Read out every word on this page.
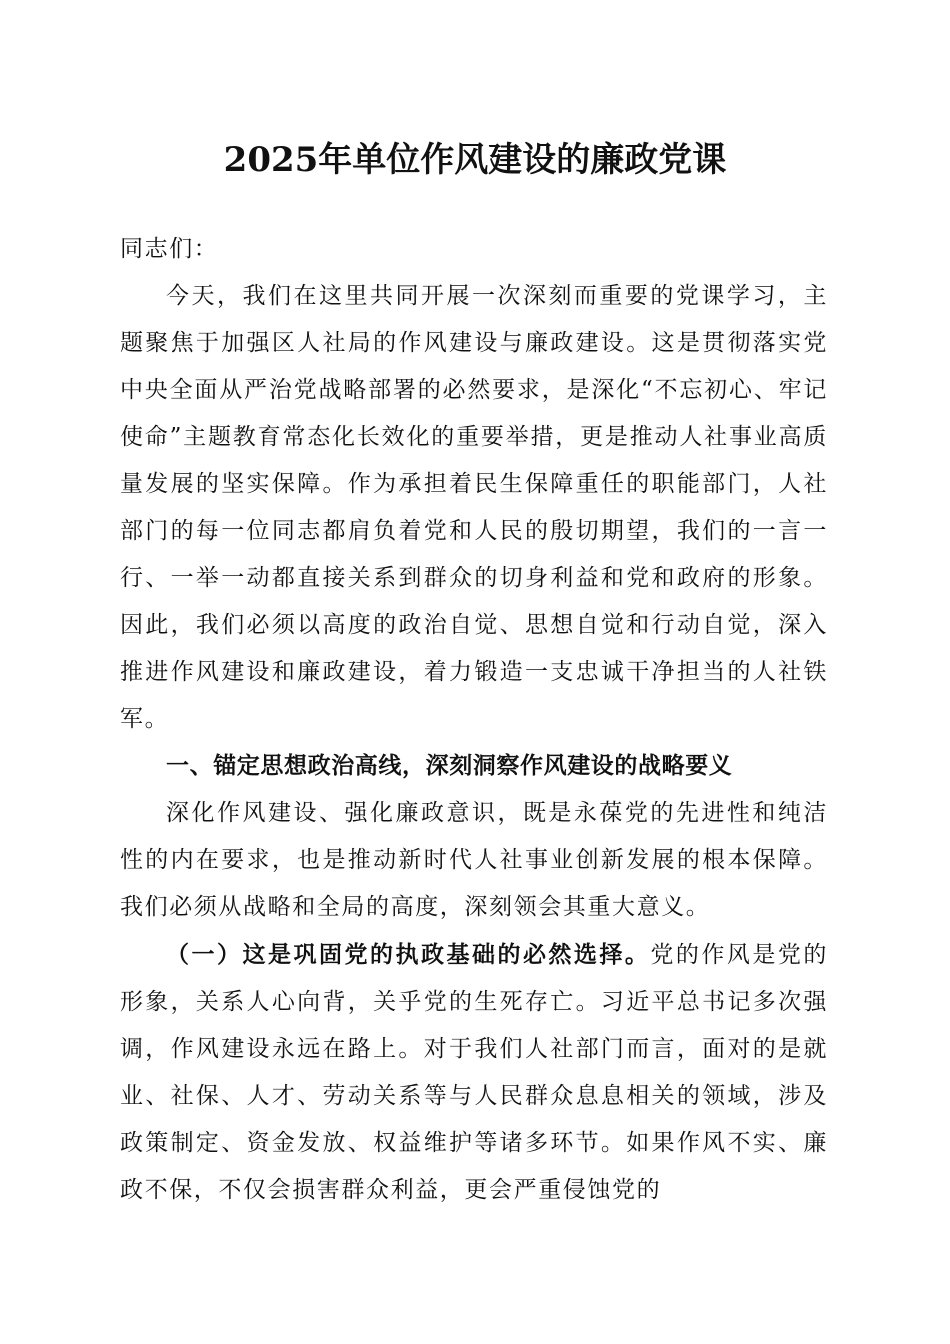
2025年单位作风建设的廉政党课

同志们：

今天，我们在这里共同开展一次深刻而重要的党课学习，主题聚焦于加强区人社局的作风建设与廉政建设。这是贯彻落实党中央全面从严治党战略部署的必然要求，是深化“不忘初心、牢记使命”主题教育常态化长效化的重要举措，更是推动人社事业高质量发展的坚实保障。作为承担着民生保障重任的职能部门，人社部门的每一位同志都肩负着党和人民的殷切期望，我们的一言一行、一举一动都直接关系到群众的切身利益和党和政府的形象。因此，我们必须以高度的政治自觉、思想自觉和行动自觉，深入推进作风建设和廉政建设，着力锻造一支忠诚干净担当的人社铁军。

一、锚定思想政治高线，深刻洞察作风建设的战略要义

深化作风建设、强化廉政意识，既是永葆党的先进性和纯洁性的内在要求，也是推动新时代人社事业创新发展的根本保障。我们必须从战略和全局的高度，深刻领会其重大意义。

（一）这是巩固党的执政基础的必然选择。党的作风是党的形象，关系人心向背，关乎党的生死存亡。习近平总书记多次强调，作风建设永远在路上。对于我们人社部门而言，面对的是就业、社保、人才、劳动关系等与人民群众息息相关的领域，涉及政策制定、资金发放、权益维护等诸多环节。如果作风不实、廉政不保，不仅会损害群众利益，更会严重侵蚀党的
